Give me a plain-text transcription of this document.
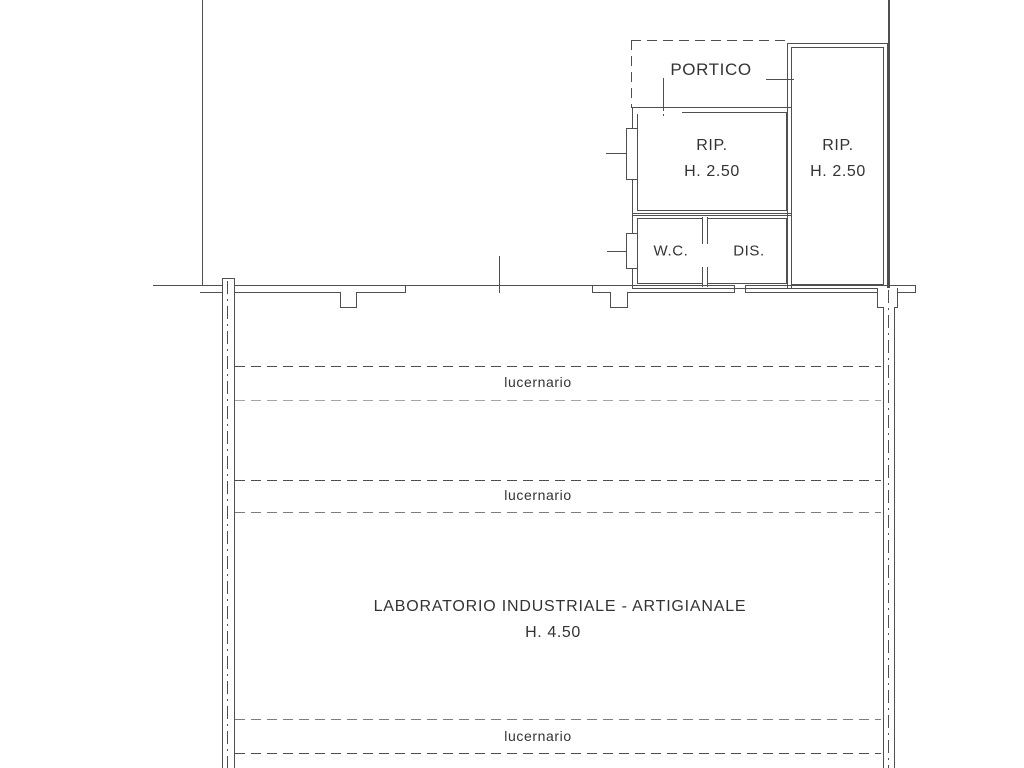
PORTICO
RIP.
H. 2.50
RIP.
H. 2.50
W.C.	DIS.
lucernario
lucernario
lucernario
LABORATORIO INDUSTRIALE - ARTIGIANALE
H. 4.50
